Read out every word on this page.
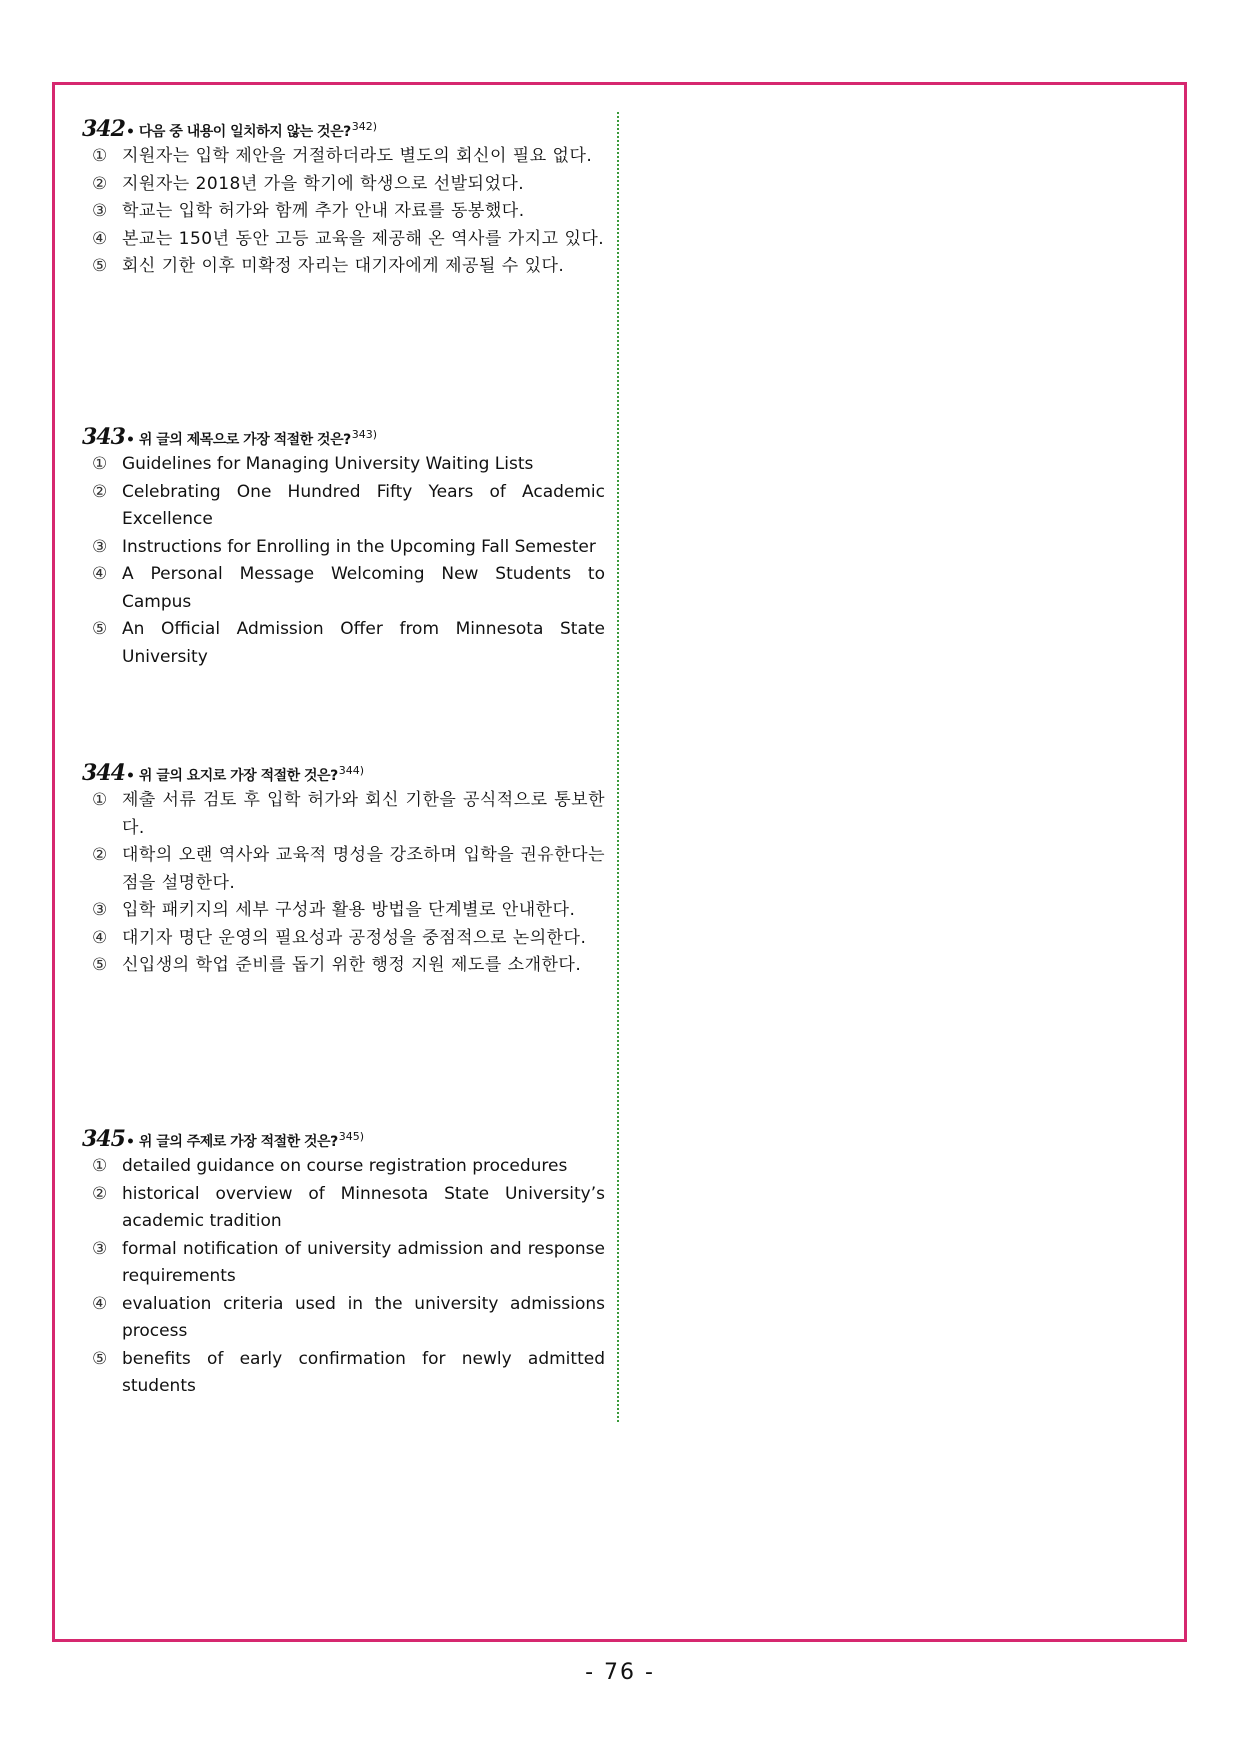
342 • 다음 중 내용이 일치하지 않는 것은? 342)
① 지원자는 입학 제안을 거절하더라도 별도의 회신이 필요 없다.
② 지원자는 2018년 가을 학기에 학생으로 선발되었다.
③ 학교는 입학 허가와 함께 추가 안내 자료를 동봉했다.
④ 본교는 150년 동안 고등 교육을 제공해 온 역사를 가지고 있다.
⑤ 회신 기한 이후 미확정 자리는 대기자에게 제공될 수 있다.
343 • 위 글의 제목으로 가장 적절한 것은? 343)
① Guidelines for Managing University Waiting Lists
② Celebrating One Hundred Fifty Years of Academic Excellence
③ Instructions for Enrolling in the Upcoming Fall Semester
④ A Personal Message Welcoming New Students to Campus
⑤ An Official Admission Offer from Minnesota State University
344 • 위 글의 요지로 가장 적절한 것은? 344)
① 제출 서류 검토 후 입학 허가와 회신 기한을 공식적으로 통보한다.
② 대학의 오랜 역사와 교육적 명성을 강조하며 입학을 권유한다는 점을 설명한다.
③ 입학 패키지의 세부 구성과 활용 방법을 단계별로 안내한다.
④ 대기자 명단 운영의 필요성과 공정성을 중점적으로 논의한다.
⑤ 신입생의 학업 준비를 돕기 위한 행정 지원 제도를 소개한다.
345 • 위 글의 주제로 가장 적절한 것은? 345)
① detailed guidance on course registration procedures
② historical overview of Minnesota State University’s academic tradition
③ formal notification of university admission and response requirements
④ evaluation criteria used in the university admissions process
⑤ benefits of early confirmation for newly admitted students
- 76 -
